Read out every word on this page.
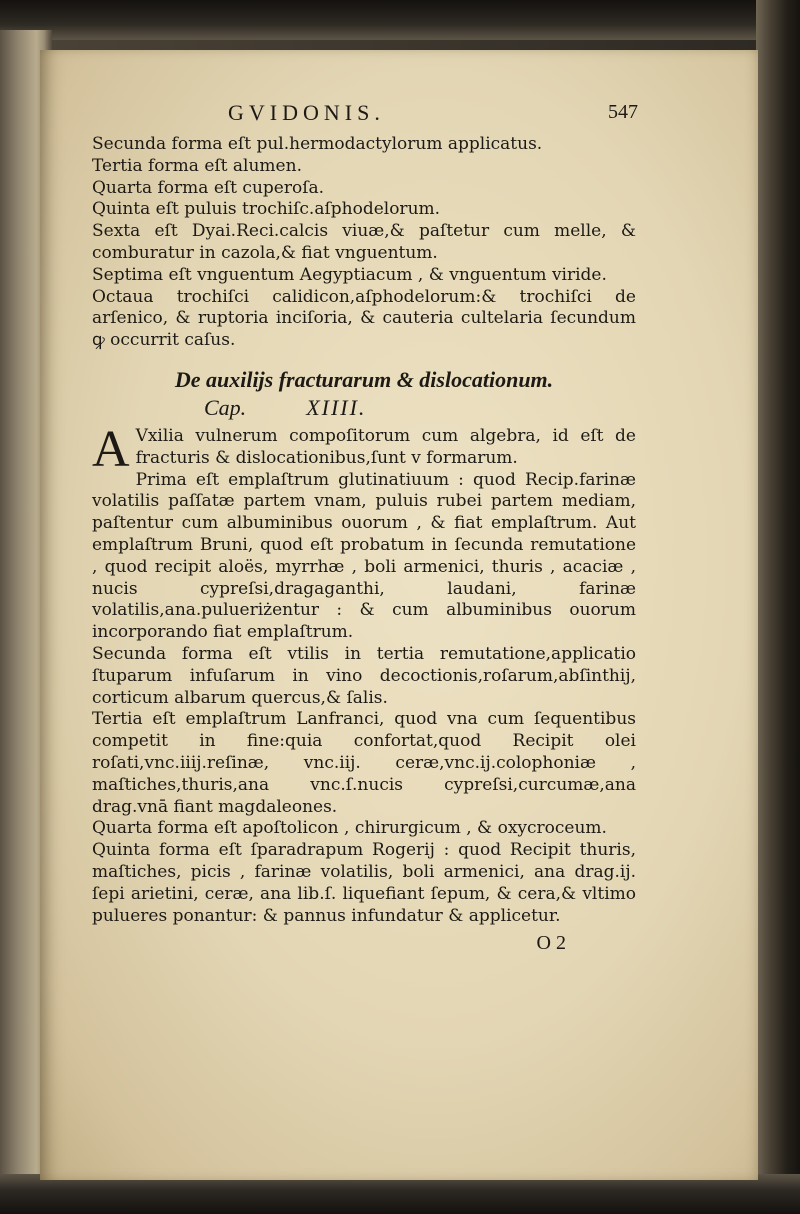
GVIDONIS.	547

Secunda forma eſt pul.hermodactylorum applicatus.

Tertia forma eſt alumen.

Quarta forma eſt cuperoſa.

Quinta eſt puluis trochiſc.aſphodelorum.

Sexta eſt Dyai.Reci.calcis viuæ,& paſtetur cum melle, & comburatur in cazola,& fiat vnguentum.

Septima eſt vnguentum Aegyptiacum , & vnguentum viride.

Octaua trochiſci calidicon,aſphodelorum:& trochiſci de arſenico, & ruptoria inciſoria, & cauteria cultelaria ſecundum ꝙ occurrit caſus.

De auxilijs fracturarum & dislocationum.
Cap.	XIIII.

A Vxilia vulnerum compoſitorum cum algebra, id eſt de fracturis & dislocationibus,ſunt v formarum.

Prima eſt emplaſtrum glutinatiuum : quod Recip.farinæ volatilis paſſatæ partem vnam, puluis rubei partem mediam, paſtentur cum albuminibus ouorum , & fiat emplaſtrum. Aut emplaſtrum Bruni, quod eſt probatum in ſecunda remutatione , quod recipit aloës, myrrhæ , boli armenici, thuris , acaciæ , nucis cypreſsi,dragaganthi, laudani, farinæ volatilis,ana.pulueriżentur : & cum albuminibus ouorum incorporando fiat emplaſtrum.

Secunda forma eſt vtilis in tertia remutatione,applicatio ſtuparum infuſarum in vino decoctionis,roſarum,abſinthij, corticum albarum quercus,& ſalis.

Tertia eſt emplaſtrum Lanfranci, quod vna cum ſequentibus competit in fine:quia confortat,quod Recipit olei roſati,vnc.iiij.reſinæ, vnc.iij. ceræ,vnc.ij.colophoniæ , maſtiches,thuris,ana vnc.ſ.nucis cypreſsi,curcumæ,ana drag.vnā fiant magdaleones.

Quarta forma eſt apoſtolicon , chirurgicum , & oxycroceum.

Quinta forma eſt ſparadrapum Rogerij : quod Recipit thuris, maſtiches, picis , farinæ volatilis, boli armenici, ana drag.ij. ſepi arietini, ceræ, ana lib.ſ. liquefiant ſepum, & cera,& vltimo pulueres ponantur: & pannus infundatur & applicetur.

O 2
